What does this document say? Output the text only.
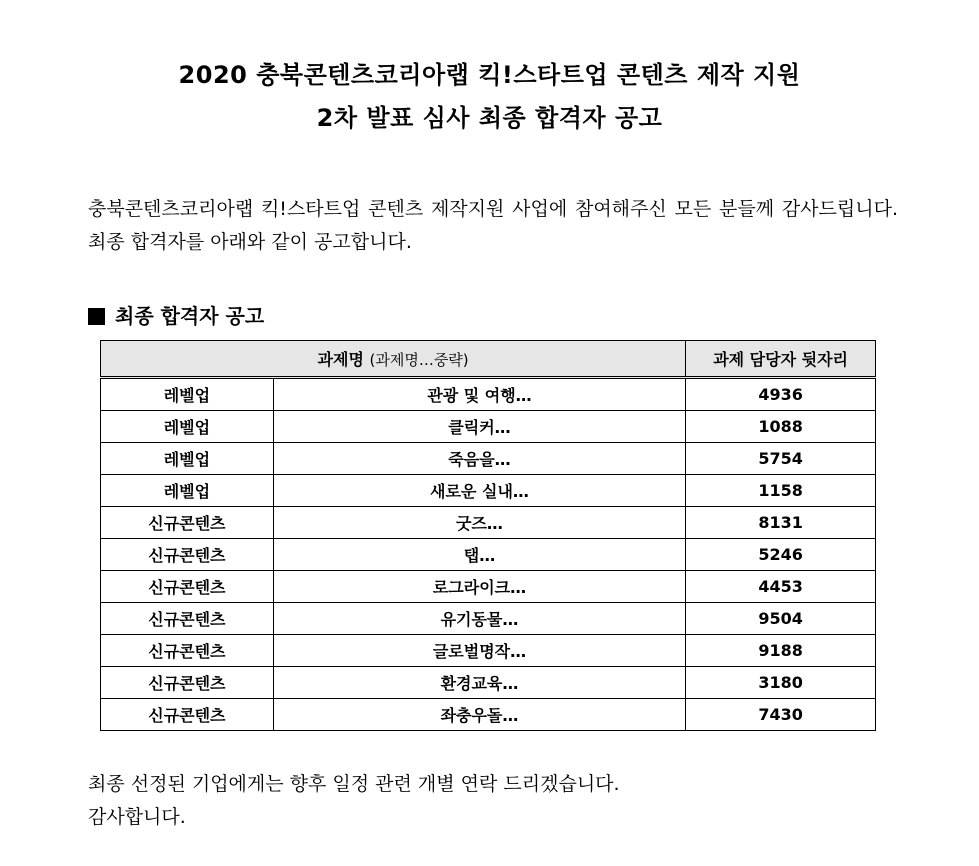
2020 충북콘텐츠코리아랩 킥!스타트업 콘텐츠 제작 지원
2차 발표 심사 최종 합격자 공고

충북콘텐츠코리아랩 킥!스타트업 콘텐츠 제작지원 사업에 참여해주신 모든 분들께 감사드립니다. 최종 합격자를 아래와 같이 공고합니다.

최종 합격자 공고
과제명 (과제명…중략)		과제 담당자 뒷자리
레벨업	관광 및 여행…	4936
레벨업	클릭커…	1088
레벨업	죽음을…	5754
레벨업	새로운 실내…	1158
신규콘텐츠	굿즈…	8131
신규콘텐츠	탭…	5246
신규콘텐츠	로그라이크…	4453
신규콘텐츠	유기동물…	9504
신규콘텐츠	글로벌명작…	9188
신규콘텐츠	환경교육…	3180
신규콘텐츠	좌충우돌…	7430
최종 선정된 기업에게는 향후 일정 관련 개별 연락 드리겠습니다.
감사합니다.
